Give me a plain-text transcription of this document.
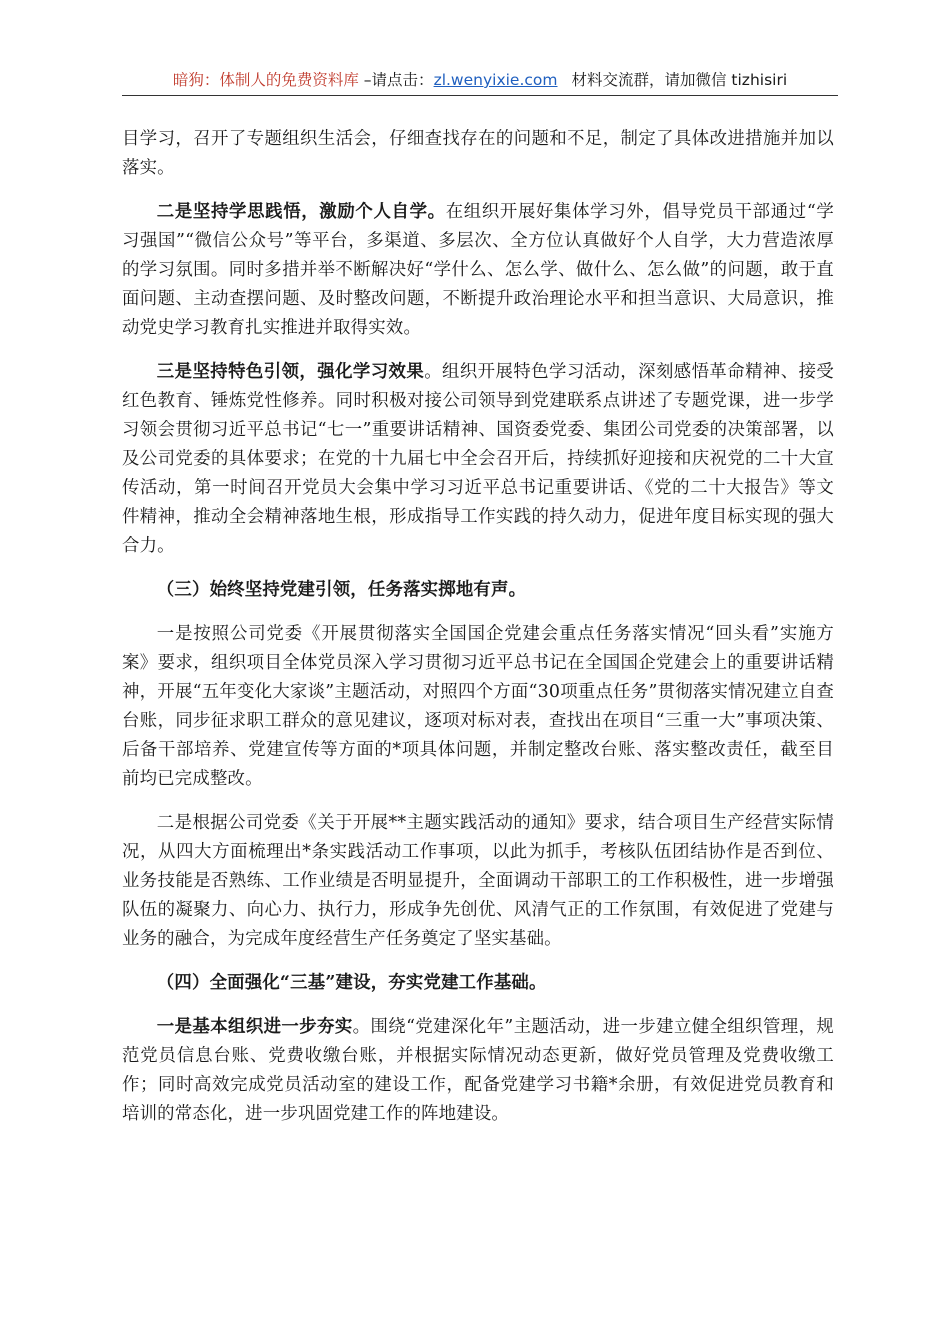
暗狗：体制人的免费资料库 –请点击：zl.wenyixie.com 材料交流群，请加微信 tizhisiri

目学习，召开了专题组织生活会，仔细查找存在的问题和不足，制定了具体改进措施并加以落实。

二是坚持学思践悟，激励个人自学。在组织开展好集体学习外，倡导党员干部通过“学习强国”“微信公众号”等平台，多渠道、多层次、全方位认真做好个人自学，大力营造浓厚的学习氛围。同时多措并举不断解决好“学什么、怎么学、做什么、怎么做”的问题，敢于直面问题、主动查摆问题、及时整改问题，不断提升政治理论水平和担当意识、大局意识，推动党史学习教育扎实推进并取得实效。

三是坚持特色引领，强化学习效果。组织开展特色学习活动，深刻感悟革命精神、接受红色教育、锤炼党性修养。同时积极对接公司领导到党建联系点讲述了专题党课，进一步学习领会贯彻习近平总书记“七一”重要讲话精神、国资委党委、集团公司党委的决策部署，以及公司党委的具体要求；在党的十九届七中全会召开后，持续抓好迎接和庆祝党的二十大宣传活动，第一时间召开党员大会集中学习习近平总书记重要讲话、《党的二十大报告》等文件精神，推动全会精神落地生根，形成指导工作实践的持久动力，促进年度目标实现的强大合力。

（三）始终坚持党建引领，任务落实掷地有声。

一是按照公司党委《开展贯彻落实全国国企党建会重点任务落实情况“回头看”实施方案》要求，组织项目全体党员深入学习贯彻习近平总书记在全国国企党建会上的重要讲话精神，开展“五年变化大家谈”主题活动，对照四个方面“30项重点任务”贯彻落实情况建立自查台账，同步征求职工群众的意见建议，逐项对标对表，查找出在项目“三重一大”事项决策、后备干部培养、党建宣传等方面的*项具体问题，并制定整改台账、落实整改责任，截至目前均已完成整改。

二是根据公司党委《关于开展**主题实践活动的通知》要求，结合项目生产经营实际情况，从四大方面梳理出*条实践活动工作事项，以此为抓手，考核队伍团结协作是否到位、业务技能是否熟练、工作业绩是否明显提升，全面调动干部职工的工作积极性，进一步增强队伍的凝聚力、向心力、执行力，形成争先创优、风清气正的工作氛围，有效促进了党建与业务的融合，为完成年度经营生产任务奠定了坚实基础。

（四）全面强化“三基”建设，夯实党建工作基础。

一是基本组织进一步夯实。围绕“党建深化年”主题活动，进一步建立健全组织管理，规范党员信息台账、党费收缴台账，并根据实际情况动态更新，做好党员管理及党费收缴工作；同时高效完成党员活动室的建设工作，配备党建学习书籍*余册，有效促进党员教育和培训的常态化，进一步巩固党建工作的阵地建设。
